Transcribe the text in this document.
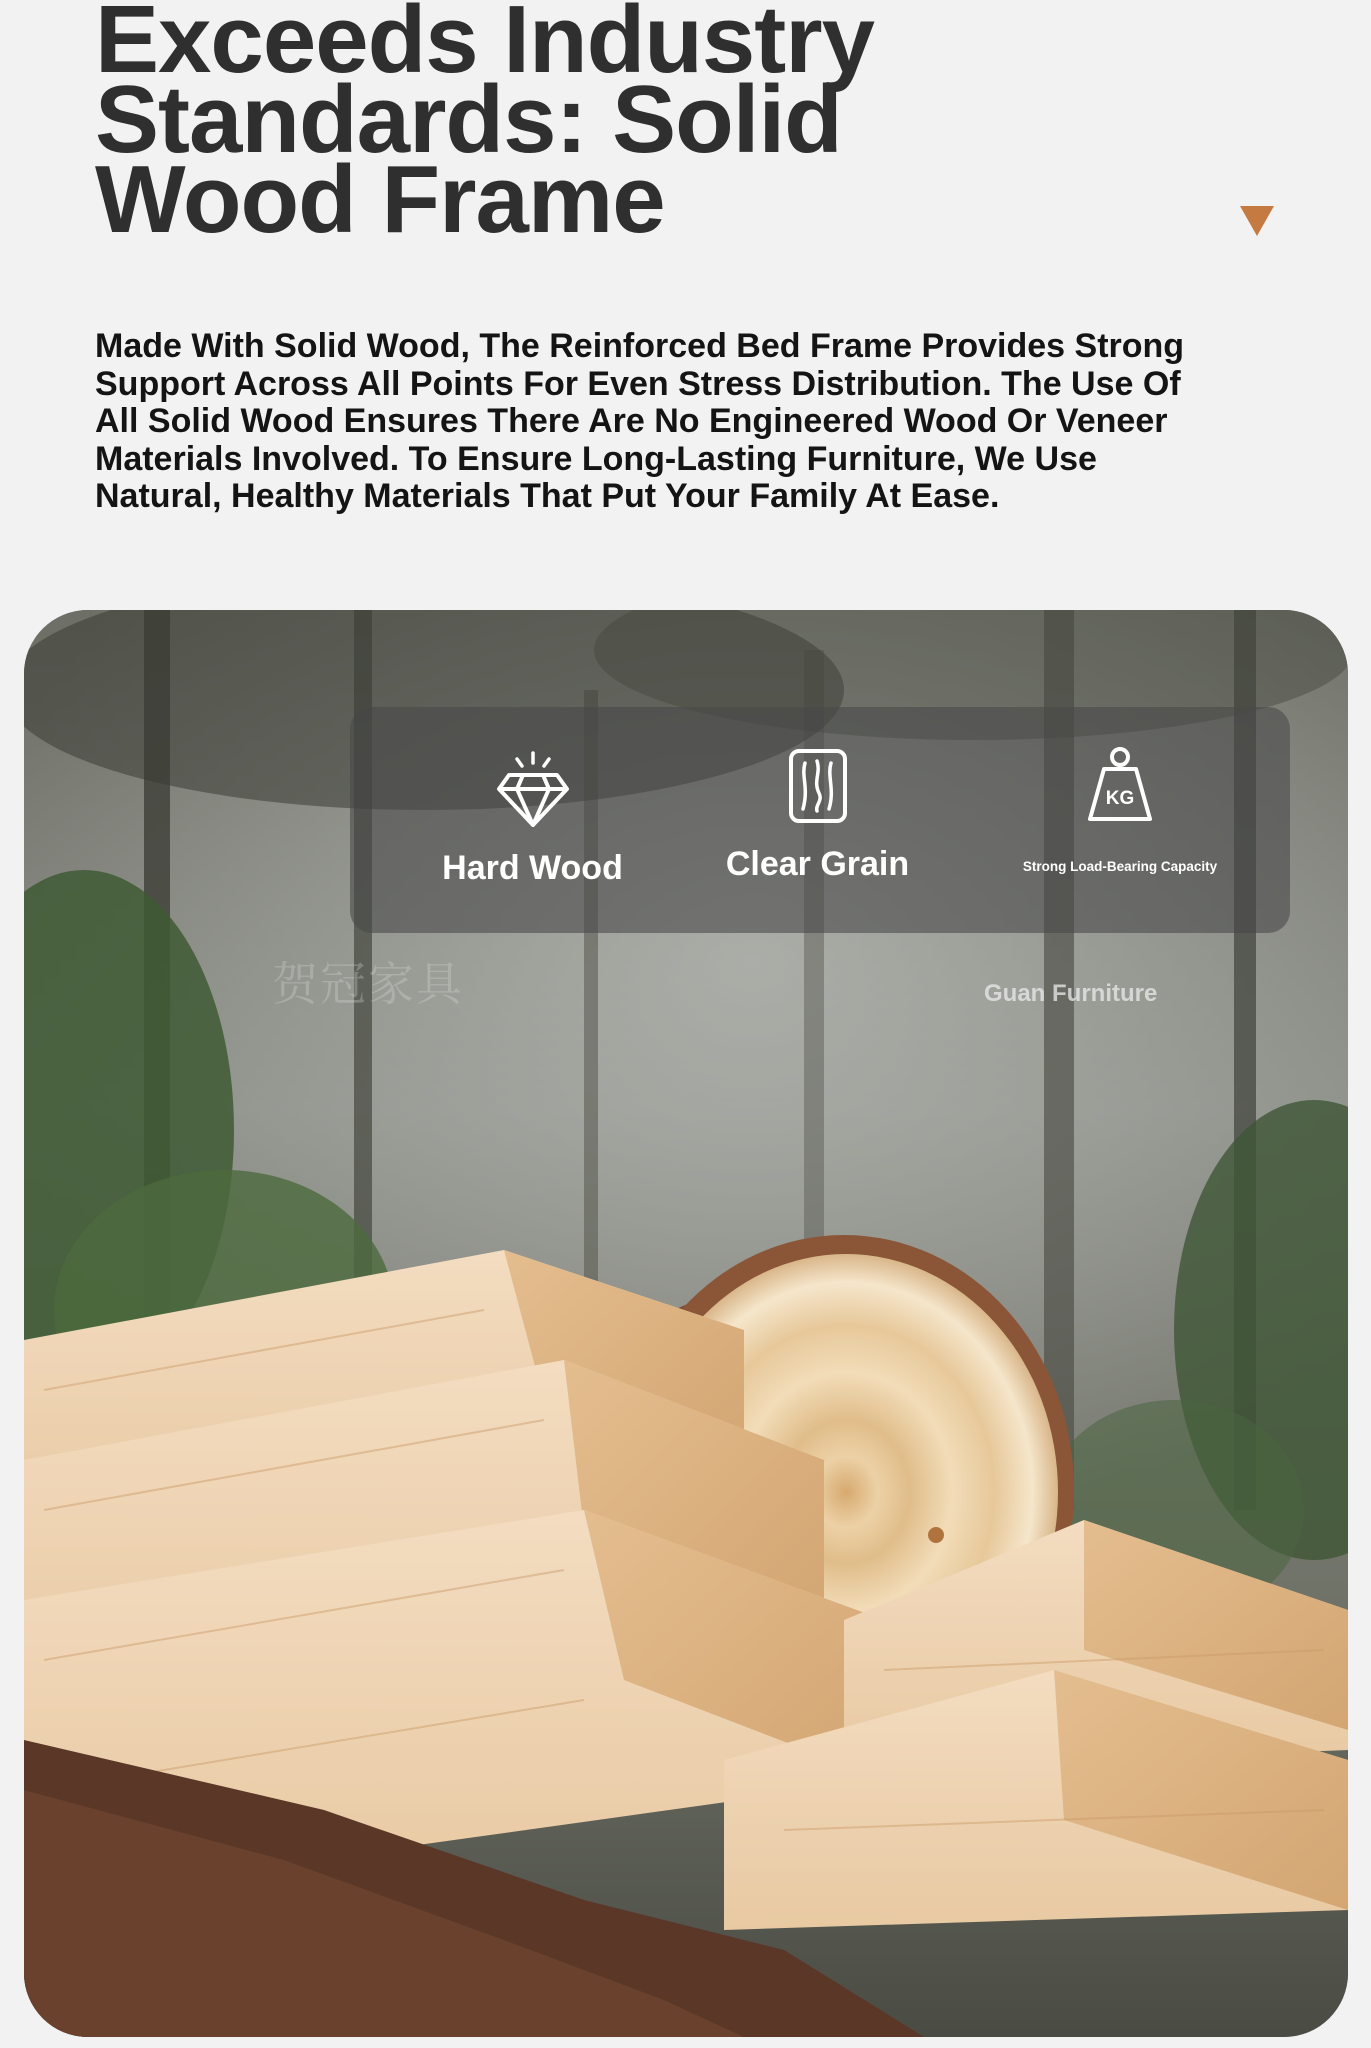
Exceeds Industry
Standards: Solid
Wood Frame

Made With Solid Wood, The Reinforced Bed Frame Provides Strong Support Across All Points For Even Stress Distribution. The Use Of All Solid Wood Ensures There Are No Engineered Wood Or Veneer Materials Involved. To Ensure Long-Lasting Furniture, We Use Natural, Healthy Materials That Put Your Family At Ease.

Hard Wood	Clear Grain
KG
Strong Load-Bearing Capacity
贺冠家具	Guan Furniture
